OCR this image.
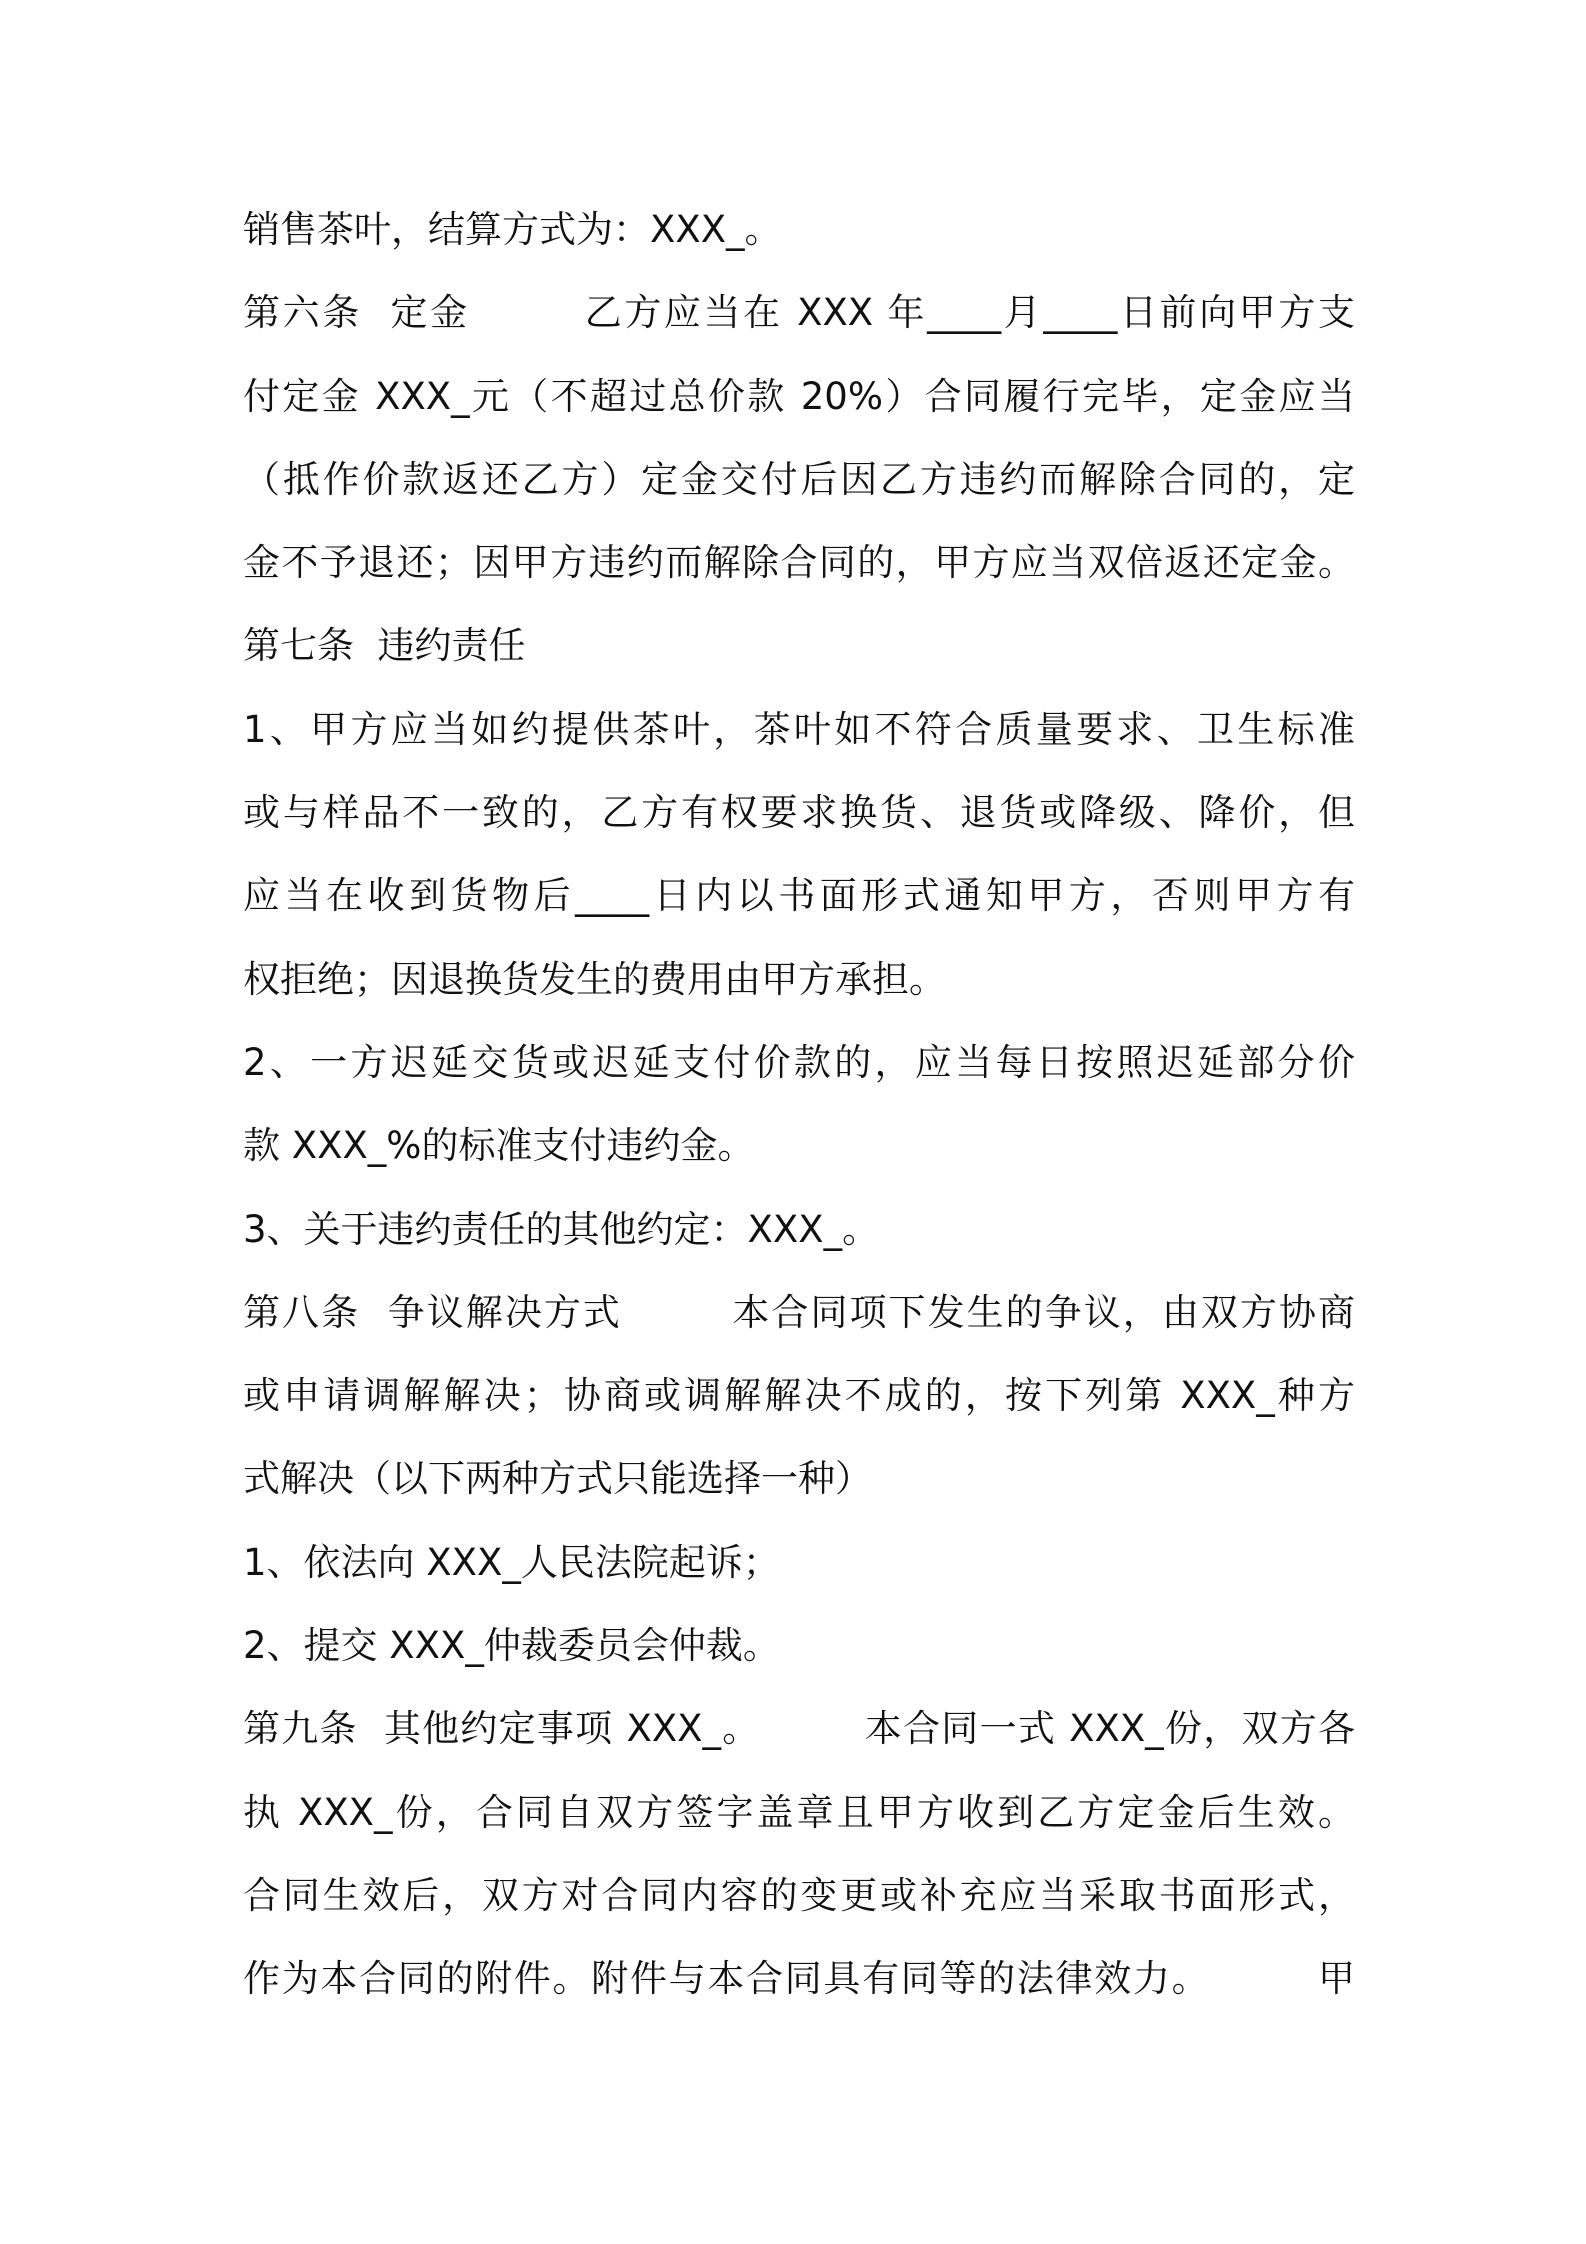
销售茶叶，结算方式为：XXX_。
第六条  定金        乙方应当在 XXX 年____月____日前向甲方支
付定金 XXX_元（不超过总价款 20%）合同履行完毕，定金应当
（抵作价款返还乙方）定金交付后因乙方违约而解除合同的，定
金不予退还；因甲方违约而解除合同的，甲方应当双倍返还定金。
第七条  违约责任
1、甲方应当如约提供茶叶，茶叶如不符合质量要求、卫生标准
或与样品不一致的，乙方有权要求换货、退货或降级、降价，但
应当在收到货物后____日内以书面形式通知甲方，否则甲方有
权拒绝；因退换货发生的费用由甲方承担。
2、一方迟延交货或迟延支付价款的，应当每日按照迟延部分价
款 XXX_%的标准支付违约金。
3、关于违约责任的其他约定：XXX_。
第八条  争议解决方式        本合同项下发生的争议，由双方协商
或申请调解解决；协商或调解解决不成的，按下列第 XXX_种方
式解决（以下两种方式只能选择一种）
1、依法向 XXX_人民法院起诉；
2、提交 XXX_仲裁委员会仲裁。
第九条  其他约定事项 XXX_。        本合同一式 XXX_份，双方各
执 XXX_份，合同自双方签字盖章且甲方收到乙方定金后生效。
合同生效后，双方对合同内容的变更或补充应当采取书面形式，
作为本合同的附件。附件与本合同具有同等的法律效力。        甲
